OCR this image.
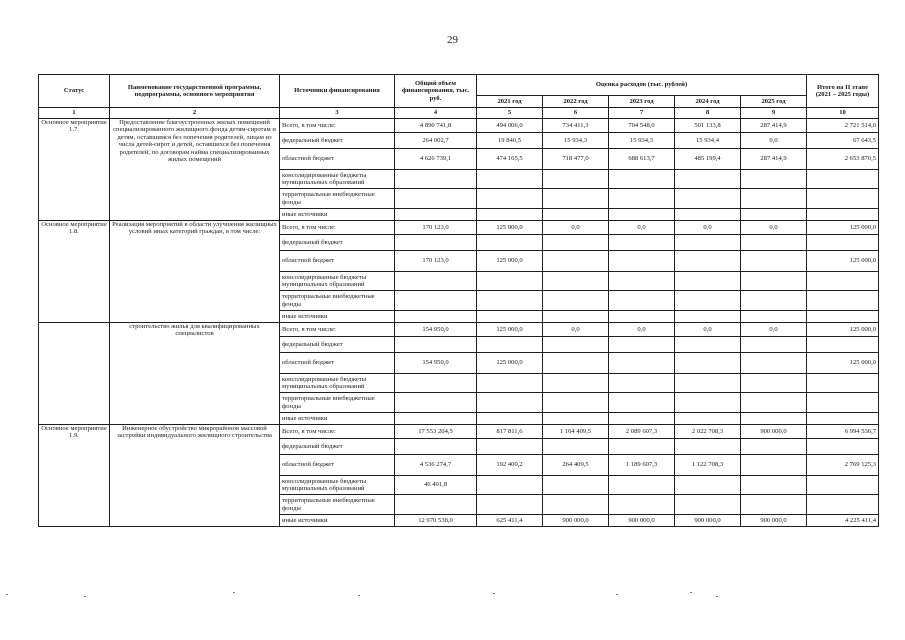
29
Статус	Наименование государственной программы, подпрограммы, основного мероприятия	Источники финансирования	Общий объем финансирования, тыс. руб.	Оценка расходов (тыс. рублей)					Итого на II этапе (2021 – 2025 годы)
				2021 год	2022 год	2023 год	2024 год	2025 год	
1	2	3	4	5	6	7	8	9	10
Основное мероприятие 1.7.	Предоставление благоустроенных жилых помещений специализированного жилищного фонда детям-сиротам и детям, оставшимся без попечения родителей, лицам из числа детей-сирот и детей, оставшихся без попечения родителей, по договорам найма специализированных жилых помещений	Всего, в том числе:	4 890 741,8	494 006,0	734 411,3	704 548,0	501 133,8	287 414,9	2 721 514,0
		федеральный бюджет	264 002,7	19 840,5	15 934,3	15 934,3	15 934,4	0,0	67 643,5
		областной бюджет	4 626 739,1	474 165,5	718 477,0	688 613,7	485 199,4	287 414,9	2 653 870,5
		консолидированные бюджеты муниципальных образований							
		территориальные внебюджетные фонды							
		иные источники							
Основное мероприятие 1.8.	Реализация мероприятий в области улучшения жилищных условий иных категорий граждан, в том числе:	Всего, в том числе:	170 123,0	125 000,0	0,0	0,0	0,0	0,0	125 000,0
		федеральный бюджет							
		областной бюджет	170 123,0	125 000,0					125 000,0
		консолидированные бюджеты муниципальных образований							
		территориальные внебюджетные фонды							
		иные источники							
	строительство жилья для квалифицированных специалистов	Всего, в том числе:	154 950,0	125 000,0	0,0	0,0	0,0	0,0	125 000,0
		федеральный бюджет							
		областной бюджет	154 950,0	125 000,0					125 000,0
		консолидированные бюджеты муниципальных образований							
		территориальные внебюджетные фонды							
		иные источники							
Основное мероприятие 1.9.	Инженерное обустройство микрорайонов массовой застройки индивидуального жилищного строительства	Всего, в том числе:	17 553 204,5	817 811,6	1 164 409,5	2 089 607,3	2 022 708,3	900 000,0	6 994 536,7
		федеральный бюджет							
		областной бюджет	4 536 274,7	192 400,2	264 409,5	1 189 607,3	1 122 708,3		2 769 125,3
		консолидированные бюджеты муниципальных образований	46 491,8						
		территориальные внебюджетные фонды							
		иные источники	12 970 538,0	625 411,4	900 000,0	900 000,0	900 000,0	900 000,0	4 225 411,4
